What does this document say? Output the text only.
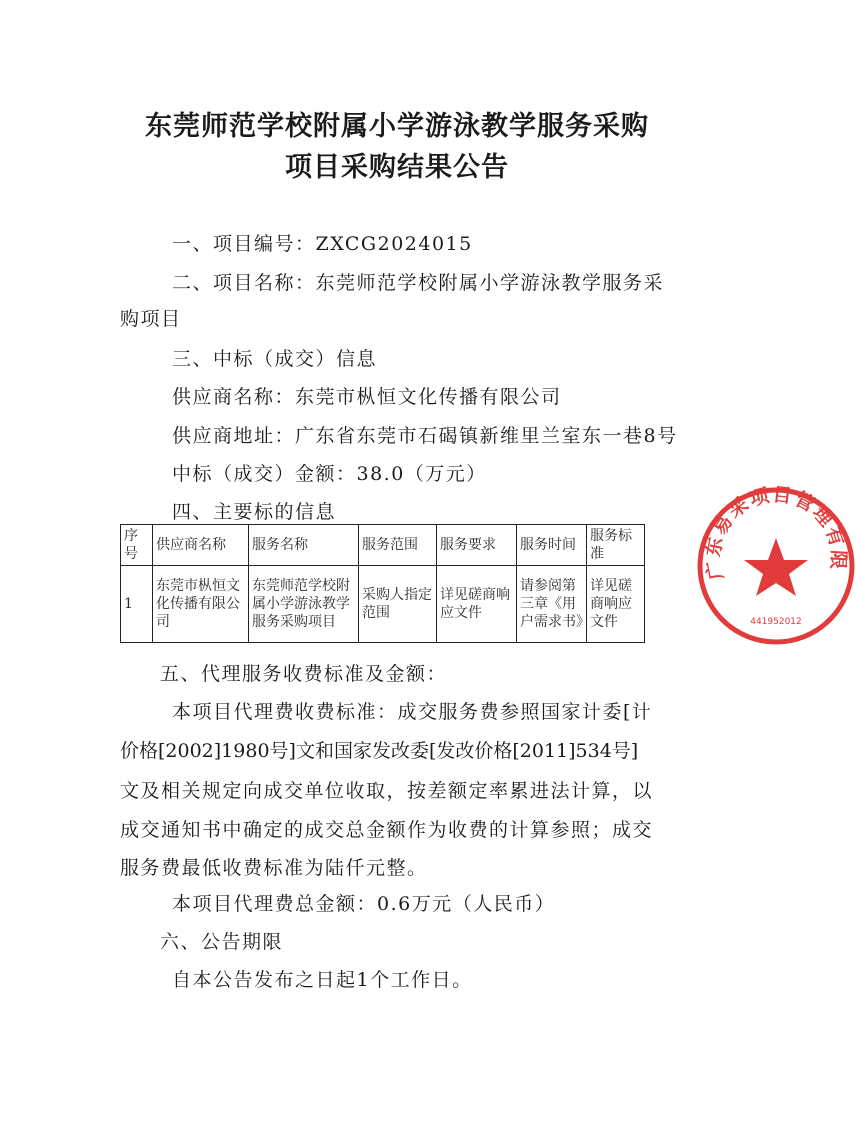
东莞师范学校附属小学游泳教学服务采购
项目采购结果公告
一、项目编号：ZXCG2024015
二、项目名称：东莞师范学校附属小学游泳教学服务采
购项目
三、中标（成交）信息
供应商名称：东莞市枞恒文化传播有限公司
供应商地址：广东省东莞市石碣镇新维里兰室东一巷8号
中标（成交）金额：38.0（万元）
四、主要标的信息
序号	供应商名称	服务名称	服务范围	服务要求	服务时间	服务标准
1	东莞市枞恒文化传播有限公司	东莞师范学校附属小学游泳教学服务采购项目	采购人指定范围	详见磋商响应文件	请参阅第三章《用户需求书》	详见磋商响应文件
五、代理服务收费标准及金额：
本项目代理费收费标准：成交服务费参照国家计委[计
价格[2002]1980号]文和国家发改委[发改价格[2011]534号]
文及相关规定向成交单位收取，按差额定率累进法计算，以
成交通知书中确定的成交总金额作为收费的计算参照；成交
服务费最低收费标准为陆仟元整。
本项目代理费总金额：0.6万元（人民币）
六、公告期限
自本公告发布之日起1个工作日。
广东易采项目管理有限
441952012
